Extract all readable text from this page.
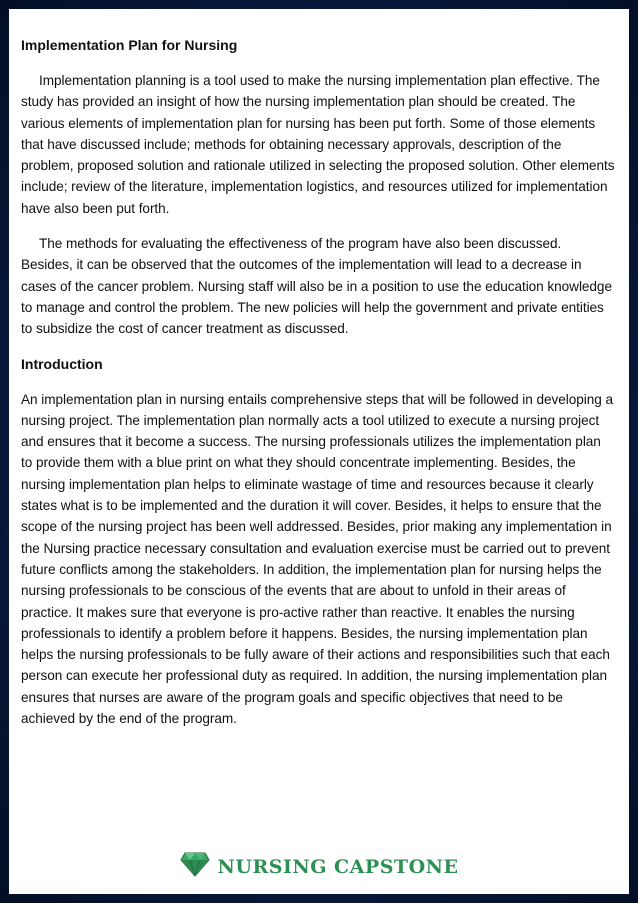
Implementation Plan for Nursing

Implementation planning is a tool used to make the nursing implementation plan effective. The study has provided an insight of how the nursing implementation plan should be created. The various elements of implementation plan for nursing has been put forth. Some of those elements that have discussed include; methods for obtaining necessary approvals, description of the problem, proposed solution and rationale utilized in selecting the proposed solution. Other elements include; review of the literature, implementation logistics, and resources utilized for implementation have also been put forth.

The methods for evaluating the effectiveness of the program have also been discussed. Besides, it can be observed that the outcomes of the implementation will lead to a decrease in cases of the cancer problem. Nursing staff will also be in a position to use the education knowledge to manage and control the problem. The new policies will help the government and private entities to subsidize the cost of cancer treatment as discussed.

Introduction

An implementation plan in nursing entails comprehensive steps that will be followed in developing a nursing project. The implementation plan normally acts a tool utilized to execute a nursing project and ensures that it become a success. The nursing professionals utilizes the implementation plan to provide them with a blue print on what they should concentrate implementing. Besides, the nursing implementation plan helps to eliminate wastage of time and resources because it clearly states what is to be implemented and the duration it will cover. Besides, it helps to ensure that the scope of the nursing project has been well addressed. Besides, prior making any implementation in the Nursing practice necessary consultation and evaluation exercise must be carried out to prevent future conflicts among the stakeholders. In addition, the implementation plan for nursing helps the nursing professionals to be conscious of the events that are about to unfold in their areas of practice. It makes sure that everyone is pro-active rather than reactive. It enables the nursing professionals to identify a problem before it happens. Besides, the nursing implementation plan helps the nursing professionals to be fully aware of their actions and responsibilities such that each person can execute her professional duty as required. In addition, the nursing implementation plan ensures that nurses are aware of the program goals and specific objectives that need to be achieved by the end of the program.

NURSING CAPSTONE
